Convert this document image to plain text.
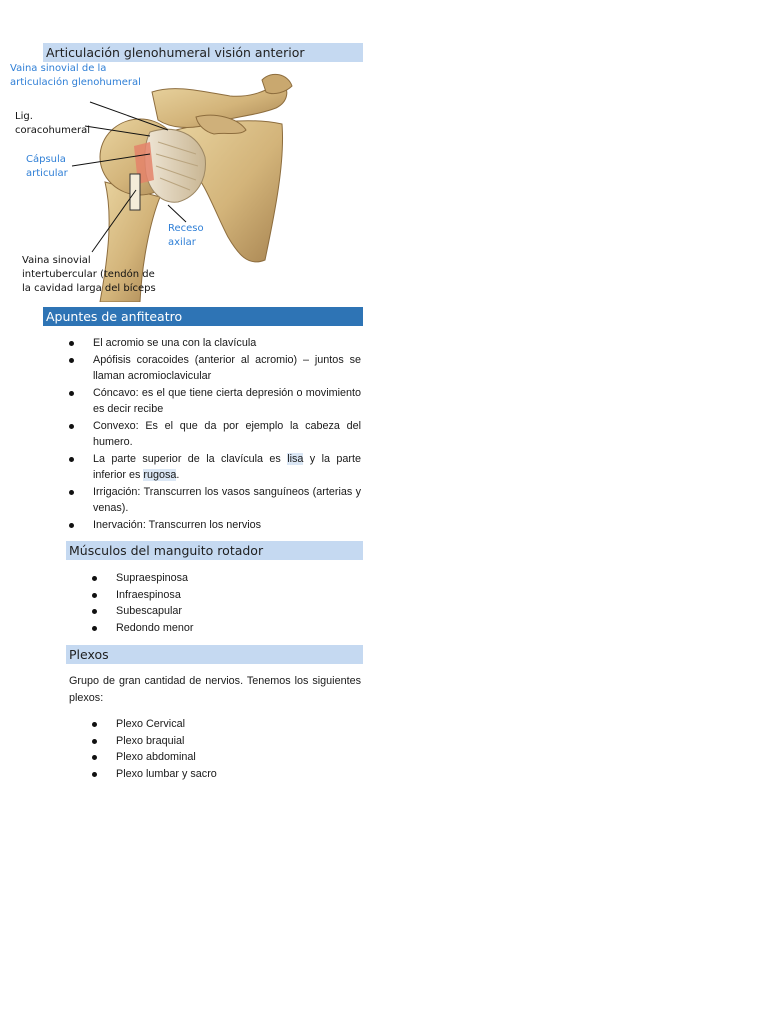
Articulación glenohumeral visión anterior
Vaina sinovial de la
articulación glenohumeral
Lig.
coracohumeral
Cápsula
articular
Receso
axilar
Vaina sinovial
intertubercular (tendón de
la cavidad larga del bíceps
Apuntes de anfiteatro
El acromio se una con la clavícula
Apófisis coracoides (anterior al acromio) – juntos se llaman acromioclavicular
Cóncavo: es el que tiene cierta depresión o movimiento es decir recibe
Convexo: Es el que da por ejemplo la cabeza del humero.
La parte superior de la clavícula es lisa y la parte inferior es rugosa.
Irrigación: Transcurren los vasos sanguíneos (arterias y venas).
Inervación: Transcurren los nervios
Músculos del manguito rotador
Supraespinosa
Infraespinosa
Subescapular
Redondo menor
Plexos
Grupo de gran cantidad de nervios. Tenemos los siguientes plexos:
Plexo Cervical
Plexo braquial
Plexo abdominal
Plexo lumbar y sacro
